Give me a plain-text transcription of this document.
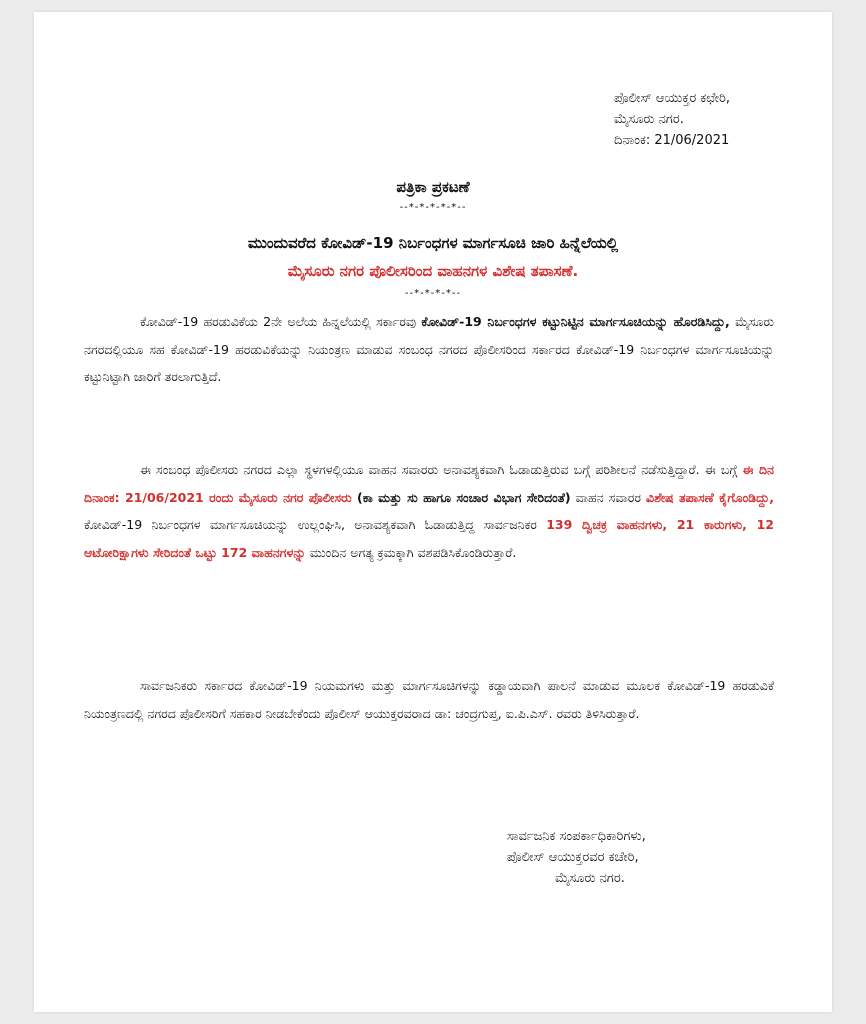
ಪೊಲೀಸ್ ಆಯುಕ್ತರ ಕಛೇರಿ,
ಮೈಸೂರು ನಗರ.
ದಿನಾಂಕ: 21/06/2021
ಪತ್ರಿಕಾ ಪ್ರಕಟಣೆ
--*-*-*-*-*--
ಮುಂದುವರೆದ ಕೋವಿಡ್-19 ನಿರ್ಬಂಧಗಳ ಮಾರ್ಗಸೂಚಿ ಜಾರಿ ಹಿನ್ನೆಲೆಯಲ್ಲಿ
ಮೈಸೂರು ನಗರ ಪೊಲೀಸರಿಂದ ವಾಹನಗಳ ವಿಶೇಷ ತಪಾಸಣೆ.
--*-*-*-*--
ಕೋವಿಡ್-19 ಹರಡುವಿಕೆಯ 2ನೇ ಅಲೆಯ ಹಿನ್ನಲೆಯಲ್ಲಿ ಸರ್ಕಾರವು ಕೋವಿಡ್-19 ನಿರ್ಬಂಧಗಳ ಕಟ್ಟುನಿಟ್ಟಿನ ಮಾರ್ಗಸೂಚಿಯನ್ನು ಹೊರಡಿಸಿದ್ದು, ಮೈಸೂರು ನಗರದಲ್ಲಿಯೂ ಸಹ ಕೋವಿಡ್-19 ಹರಡುವಿಕೆಯನ್ನು ನಿಯಂತ್ರಣ ಮಾಡುವ ಸಂಬಂಧ ನಗರದ ಪೊಲೀಸರಿಂದ ಸರ್ಕಾರದ ಕೋವಿಡ್-19 ನಿರ್ಬಂಧಗಳ ಮಾರ್ಗಸೂಚಿಯನ್ನು ಕಟ್ಟುನಿಟ್ಟಾಗಿ ಜಾರಿಗೆ ತರಲಾಗುತ್ತಿದೆ.
ಈ ಸಂಬಂಧ ಪೊಲೀಸರು ನಗರದ ಎಲ್ಲಾ ಸ್ಥಳಗಳಲ್ಲಿಯೂ ವಾಹನ ಸವಾರರು ಅನಾವಶ್ಯಕವಾಗಿ ಓಡಾಡುತ್ತಿರುವ ಬಗ್ಗೆ ಪರಿಶೀಲನೆ ನಡೆಸುತ್ತಿದ್ದಾರೆ. ಈ ಬಗ್ಗೆ ಈ ದಿನ ದಿನಾಂಕ: 21/06/2021 ರಂದು ಮೈಸೂರು ನಗರ ಪೊಲೀಸರು (ಕಾ ಮತ್ತು ಸು ಹಾಗೂ ಸಂಚಾರ ವಿಭಾಗ ಸೇರಿದಂತೆ) ವಾಹನ ಸವಾರರ ವಿಶೇಷ ತಪಾಸಣೆ ಕೈಗೊಂಡಿದ್ದು, ಕೋವಿಡ್-19 ನಿರ್ಬಂಧಗಳ ಮಾರ್ಗಸೂಚಿಯನ್ನು ಉಲ್ಲಂಘಿಸಿ, ಅನಾವಶ್ಯಕವಾಗಿ ಓಡಾಡುತ್ತಿದ್ದ ಸಾರ್ವಜನಿಕರ 139 ದ್ವಿಚಕ್ರ ವಾಹನಗಳು, 21 ಕಾರುಗಳು, 12 ಆಟೋರಿಕ್ಷಾಗಳು ಸೇರಿದಂತೆ ಒಟ್ಟು 172 ವಾಹನಗಳನ್ನು ಮುಂದಿನ ಅಗತ್ಯ ಕ್ರಮಕ್ಕಾಗಿ ವಶಪಡಿಸಿಕೊಂಡಿರುತ್ತಾರೆ.
ಸಾರ್ವಜನಿಕರು ಸರ್ಕಾರದ ಕೋವಿಡ್-19 ನಿಯಮಗಳು ಮತ್ತು ಮಾರ್ಗಸೂಚಿಗಳನ್ನು ಕಡ್ಡಾಯವಾಗಿ ಪಾಲನೆ ಮಾಡುವ ಮೂಲಕ ಕೋವಿಡ್-19 ಹರಡುವಿಕೆ ನಿಯಂತ್ರಣದಲ್ಲಿ ನಗರದ ಪೊಲೀಸರಿಗೆ ಸಹಕಾರ ನೀಡಬೇಕೆಂದು ಪೊಲೀಸ್ ಆಯುಕ್ತರವರಾದ ಡಾ: ಚಂದ್ರಗುಪ್ತ, ಐ.ಪಿ.ಎಸ್. ರವರು ತಿಳಿಸಿರುತ್ತಾರೆ.
ಸಾರ್ವಜನಿಕ ಸಂಪರ್ಕಾಧಿಕಾರಿಗಳು,
ಪೊಲೀಸ್ ಆಯುಕ್ತರವರ ಕಚೇರಿ,
ಮೈಸೂರು ನಗರ.
